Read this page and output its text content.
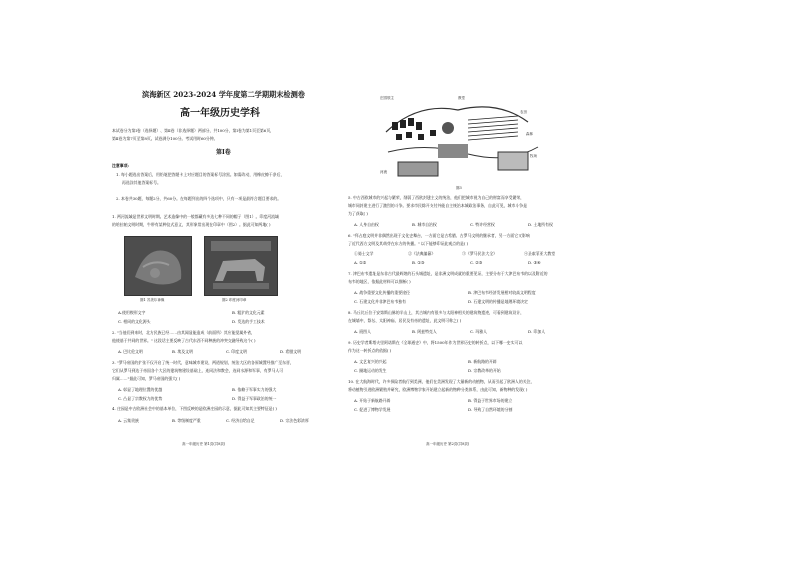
滨海新区 2023-2024 学年度第二学期期末检测卷
高一年级历史学科
本试卷分为第Ⅰ卷（选择题）、第Ⅱ卷（非选择题）两部分，共100分，第Ⅰ卷为第1页至第6页，
第Ⅱ卷为第7页至第8页。试卷满分100分。考试用时60分钟。
第Ⅰ卷
注意事项:
1. 每小题选出答案后，用铅笔把答题卡上对应题目的答案标号涂黑。如需改动，用橡皮擦干净后，
再选涂其他答案标号。
2. 本卷共30题，每题2分，共60分。在每题列出的四个选项中，只有一项是最符合题目要求的。
1. 两河流域是世界文明时期。艺术造像中的一般都藏有多达七种不同的帽子（图1）。印度河流域
的哈拉帕文明时期，牛带有某种仪式意义，其形象常出现在印章中（图2）。据此可知两地( )
图1 苏美尔神像	图2 印度河印章
A.使用楔形文字	B. 粗犷的文化元素
C. 相同的文化源头	D. 发达的手工技术
2. "当他们到来时，北方民族已经……由其闻显能造成（前面所）其应能觉属外省，
他使基于共同的世界。" 这段话主要反映了古代东西不同种族的冲突交融导致这个( )
A. 巴比伦文明	B. 埃及文明	C. 印度文明	D. 希腊文明
3. "罗马帝国的扩张不仅开启了统一时代，意味城市建设，两道规划，统治大区的各原城置经推广至东晋，
它们从罗马到达于帝国各个大区的建筑物建设基础上，连同法和教会，连同水源和军事，有罗马人可
归属……"据此可知，罗马帝国的强大( )
A. 彰显了地理位置的优越	B. 依赖于军事实力的强大
C. 凸显了宗教权力的优势	D. 得益于军事政治的统一
4. 庄园是中古欧洲社会中的基本单位，下图反映的是欧洲庄园的示意，据此可知其主要特征是( )
A. 云集贵族	B. 等级制度严重	C. 经济自给自足	D. 宗法色彩浓厚
高一年级历史 第1页(共8页)
庄园领主	教堂
农田
森林
牧场
河流
图3
5. 中古西欧城市的兴起与繁荣，削弱了西欧封建主义的统治，他们把城市视为自己的财富而享受繁荣，
城市同封建主进行了激烈的斗争。要求市民除开支付外能自主统治本城政治事务，自此可见，城市斗争是
为了获取( )
A. 人身自由权	B. 城市自治权	C. 特许经营权	D. 土地所有权
6. "拜占庭文明并非偶然出现于文化史舞台，一方面它是古希腊、古罗马文明的继承者，另一方面它又影响
了近代西方文明及其萌芽在东方的传播。" 以下能够印证此观点的是( )
①骑士文学	②《法典编纂》	③《罗马民法大全》	④圣索菲亚大教堂
A. ①②	B. ①③	C. ②③	D. ③④
7. 津巴布韦遗址是东非古代最辉煌的石头城遗址，是非洲文明成就的重要见证，主要分布于大津巴布韦的以及附近的
布韦的地区，依据此材料可以推断( )
A. 战争重要文化传播的重要途径	B. 津巴布韦经济发展相对较高文明程度
C. 石建文化并非津巴布韦独有	D. 石建文明的传播是地理环境决定
8. 马丘比丘位于安第斯山脉的半山上，其古城内有很多与太阳神相关的建筑物遗迹，可看到建筑设计，
在城墙中，祭坛、太阳神庙、居民及有帝的遗址，此文明可称之( )
A. 班图人	B. 阿兹特克人	C. 玛雅人	D. 印加人
9. 历史学者斯塔夫里阿诺斯在《全球通史》中，将1500年作为世界历史的转折点，以下哪一史实可以
作为这一转折点的依据( )
A. 文艺复兴的兴起	B. 新航路的开辟
C. 圈地运动的发生	D. 宗教改革的开始
10. 在大航海时代，许多探险者航行到美洲，他们在美洲发现了大量新的动植物，从而引起了欧洲人的关注，
将动植物引进欧洲繁殖并研究，欧洲博物学家开始建立起新的物种分类体系，由此可知，新物种的发现( )
A. 开始于新航路开辟	B. 得益于世界市场的建立
C. 促进了博物学发展	D. 导致了自然环境的分割
高一年级历史 第2页(共8页)
